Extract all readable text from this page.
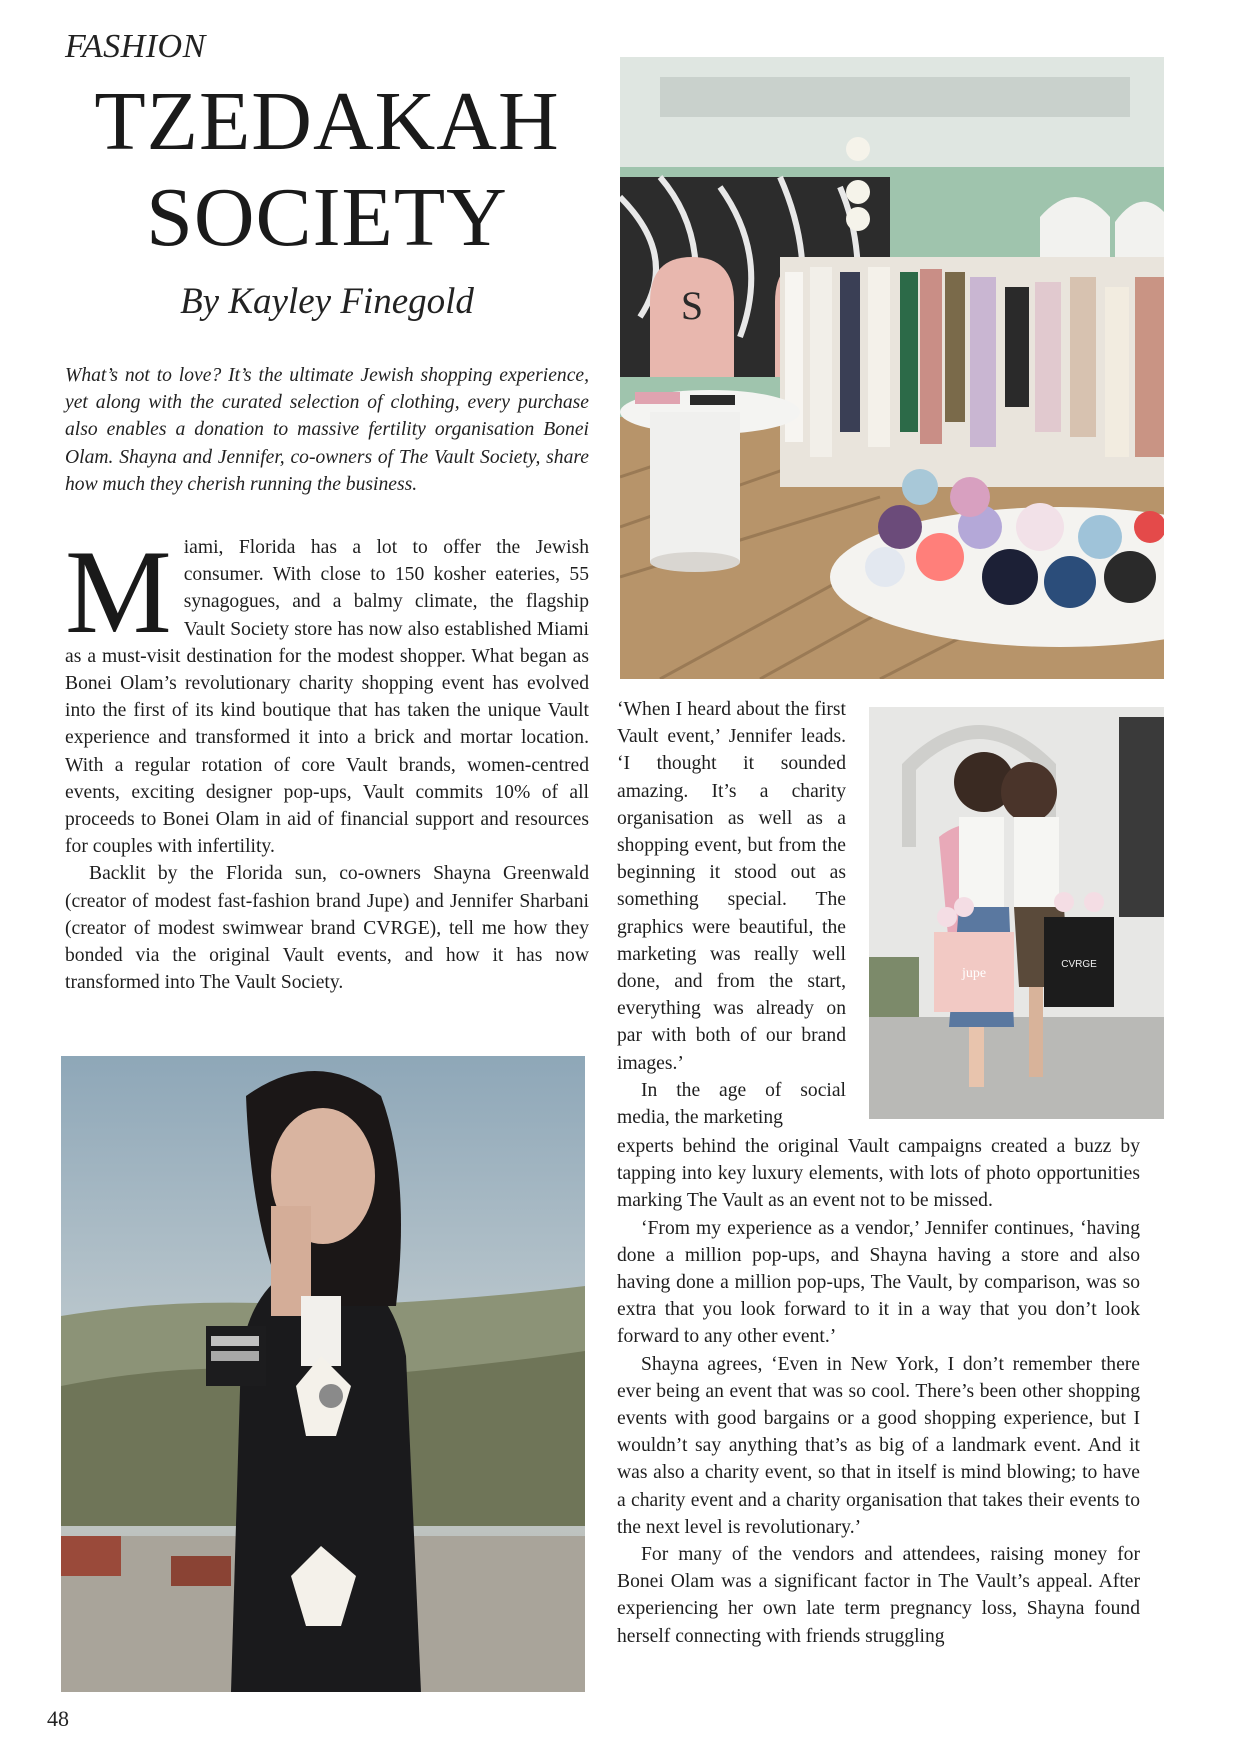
FASHION
TZEDAKAH
SOCIETY
By Kayley Finegold
What’s not to love? It’s the ultimate Jewish shopping experience, yet along with the curated selection of clothing, every purchase also enables a donation to massive fertility organisation Bonei Olam. Shayna and Jennifer, co-owners of The Vault Society, share how much they cherish running the business.

Miami, Florida has a lot to offer the Jewish consumer. With close to 150 kosher eateries, 55 synagogues, and a balmy climate, the flagship Vault Society store has now also established Miami as a must-visit destination for the modest shopper. What began as Bonei Olam’s revolutionary charity shopping event has evolved into the first of its kind boutique that has taken the unique Vault experience and transformed it into a brick and mortar location. With a regular rotation of core Vault brands, women-centred events, exciting designer pop-ups, Vault commits 10% of all proceeds to Bonei Olam in aid of financial support and resources for couples with infertility.

Backlit by the Florida sun, co-owners Shayna Greenwald (creator of modest fast-fashion brand Jupe) and Jennifer Sharbani (creator of modest swimwear brand CVRGE), tell me how they bonded via the original Vault events, and how it has now transformed into The Vault Society.

S
CVRGE
jupe

‘When I heard about the first Vault event,’ Jennifer leads. ‘I thought it sounded amazing. It’s a charity organisation as well as a shopping event, but from the beginning it stood out as something special. The graphics were beautiful, the marketing was really well done, and from the start, everything was already on par with both of our brand images.’

In the age of social media, the marketing

experts behind the original Vault campaigns created a buzz by tapping into key luxury elements, with lots of photo opportunities marking The Vault as an event not to be missed.

‘From my experience as a vendor,’ Jennifer continues, ‘having done a million pop-ups, and Shayna having a store and also having done a million pop-ups, The Vault, by comparison, was so extra that you look forward to it in a way that you don’t look forward to any other event.’

Shayna agrees, ‘Even in New York, I don’t remember there ever being an event that was so cool. There’s been other shopping events with good bargains or a good shopping experience, but I wouldn’t say anything that’s as big of a landmark event. And it was also a charity event, so that in itself is mind blowing; to have a charity event and a charity organisation that takes their events to the next level is revolutionary.’

For many of the vendors and attendees, raising money for Bonei Olam was a significant factor in The Vault’s appeal. After experiencing her own late term pregnancy loss, Shayna found herself connecting with friends struggling

48
